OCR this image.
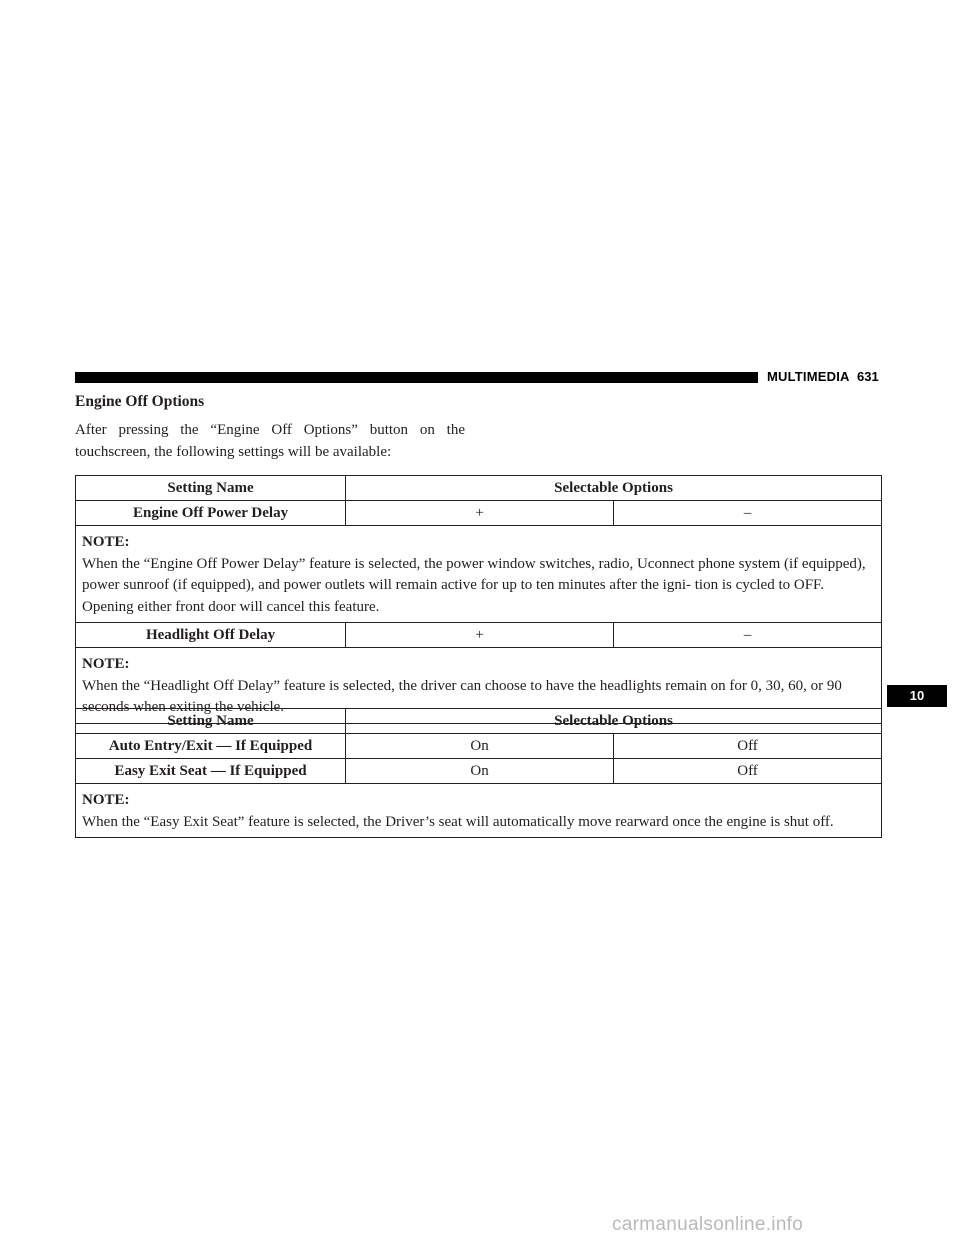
MULTIMEDIA 631
Engine Off Options
After pressing the “Engine Off Options” button on the touchscreen, the following settings will be available:
Setting Name	Selectable Options	
Engine Off Power Delay	+	–

NOTE:
When the “Engine Off Power Delay” feature is selected, the power window switches, radio, Uconnect phone system (if equipped), power sunroof (if equipped), and power outlets will remain active for up to ten minutes after the igni- tion is cycled to OFF. Opening either front door will cancel this feature.		
Headlight Off Delay	+	–

NOTE:
When the “Headlight Off Delay” feature is selected, the driver can choose to have the headlights remain on for 0, 30, 60, or 90 seconds when exiting the vehicle.		
Setting Name	Selectable Options	
Auto Entry/Exit — If Equipped	On	Off
Easy Exit Seat — If Equipped	On	Off

NOTE:
When the “Easy Exit Seat” feature is selected, the Driver’s seat will automatically move rearward once the engine is shut off.		
10
carmanualsonline.info
